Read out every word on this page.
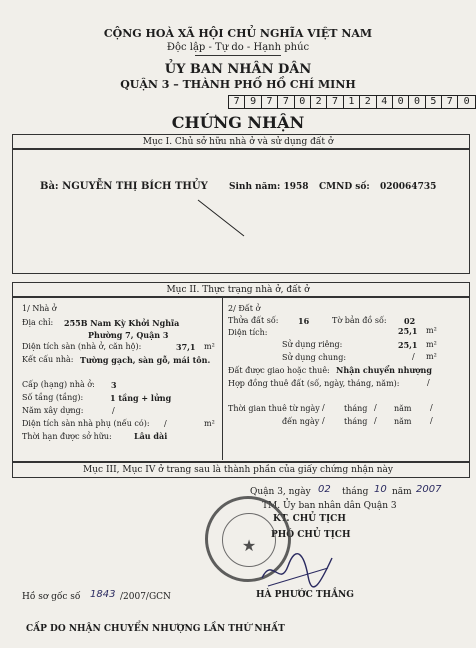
CỘNG HOÀ XÃ HỘI CHỦ NGHĨA VIỆT NAM
Độc lập - Tự do - Hạnh phúc
ỦY BAN NHÂN DÂN
QUẬN 3 – THÀNH PHỐ HỒ CHÍ MINH
7	9	7	7	0	2	7	1	2	4	0	0	5	7	0
CHỨNG NHẬN
Mục I. Chủ sở hữu nhà ở và sử dụng đất ở
Bà: NGUYỄN THỊ BÍCH THỦY Sinh năm: 1958 CMND số: 020064735
Mục II. Thực trạng nhà ở, đất ở
1/ Nhà ở
Địa chỉ: 255B Nam Kỳ Khởi Nghĩa
Phường 7, Quận 3
Diện tích sàn (nhà ở, căn hộ):	37,1 m²
Kết cấu nhà: Tường gạch, sàn gỗ, mái tôn.
Cấp (hạng) nhà ở: 3
Số tầng (tầng):	1 tầng + lửng
Năm xây dựng:	/
Diện tích sàn nhà phụ (nếu có): /	m²
Thời hạn được sở hữu:	Lâu dài
2/ Đất ở
Thửa đất số: 16	Tờ bản đồ số: 02
Diện tích:	25,1 m²
Sử dụng riêng:	25,1 m²
Sử dụng chung:	/ m²
Đất được giao hoặc thuê: Nhận chuyển nhượng
Hợp đồng thuê đất (số, ngày, tháng, năm):	/
Thời gian thuê từ ngày / tháng / năm /
đến ngày / tháng / năm /
Mục III, Mục IV ở trang sau là thành phần của giấy chứng nhận này
Quận 3, ngày 02 tháng 10 năm 2007
TM. Ủy ban nhân dân Quận 3
KT. CHỦ TỊCH
PHÓ CHỦ TỊCH
★
HÀ PHƯỚC THẮNG
Hồ sơ gốc số 1843 /2007/GCN
CẤP DO NHẬN CHUYỂN NHƯỢNG LẦN THỨ NHẤT
